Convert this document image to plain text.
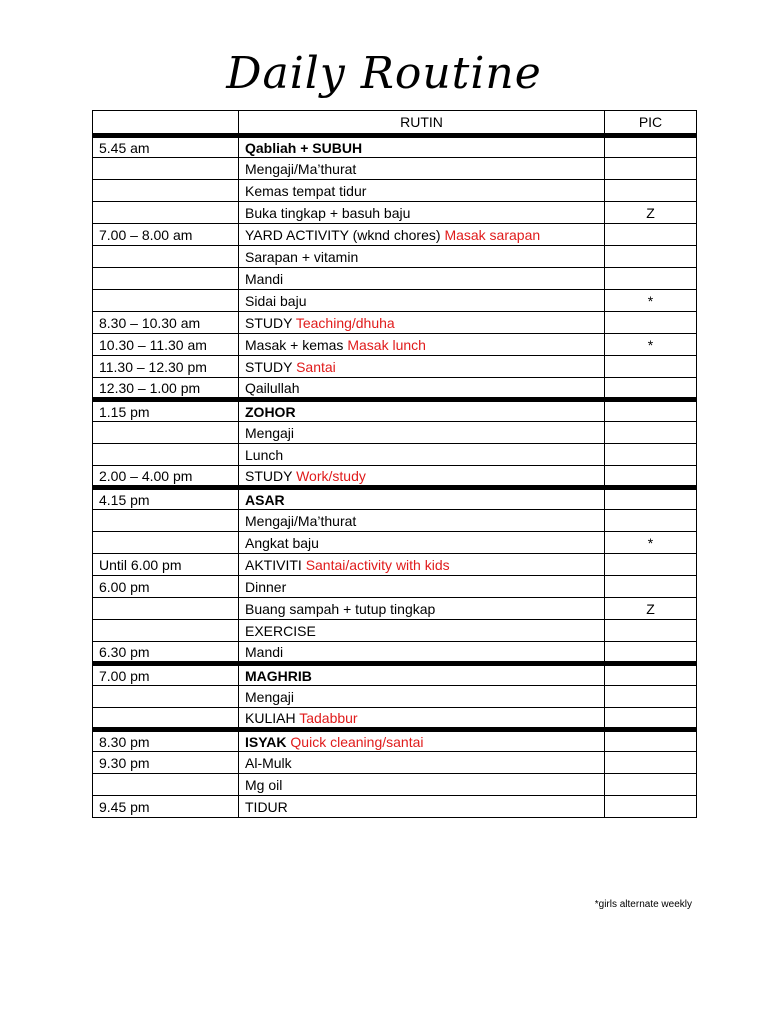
Daily Routine
	RUTIN	PIC
5.45 am	Qabliah + SUBUH	
	Mengaji/Ma’thurat	
	Kemas tempat tidur	
	Buka tingkap + basuh baju	Z
7.00 – 8.00 am	YARD ACTIVITY (wknd chores) Masak sarapan	
	Sarapan + vitamin	
	Mandi	
	Sidai baju	*
8.30 – 10.30 am	STUDY Teaching/dhuha	
10.30 – 11.30 am	Masak + kemas Masak lunch	*
11.30 – 12.30 pm	STUDY Santai	
12.30 – 1.00 pm	Qailullah	
1.15 pm	ZOHOR	
	Mengaji	
	Lunch	
2.00 – 4.00 pm	STUDY Work/study	
4.15 pm	ASAR	
	Mengaji/Ma’thurat	
	Angkat baju	*
Until 6.00 pm	AKTIVITI Santai/activity with kids	
6.00 pm	Dinner	
	Buang sampah + tutup tingkap	Z
	EXERCISE	
6.30 pm	Mandi	
7.00 pm	MAGHRIB	
	Mengaji	
	KULIAH Tadabbur	
8.30 pm	ISYAK Quick cleaning/santai	
9.30 pm	Al-Mulk	
	Mg oil	
9.45 pm	TIDUR	
*girls alternate weekly
